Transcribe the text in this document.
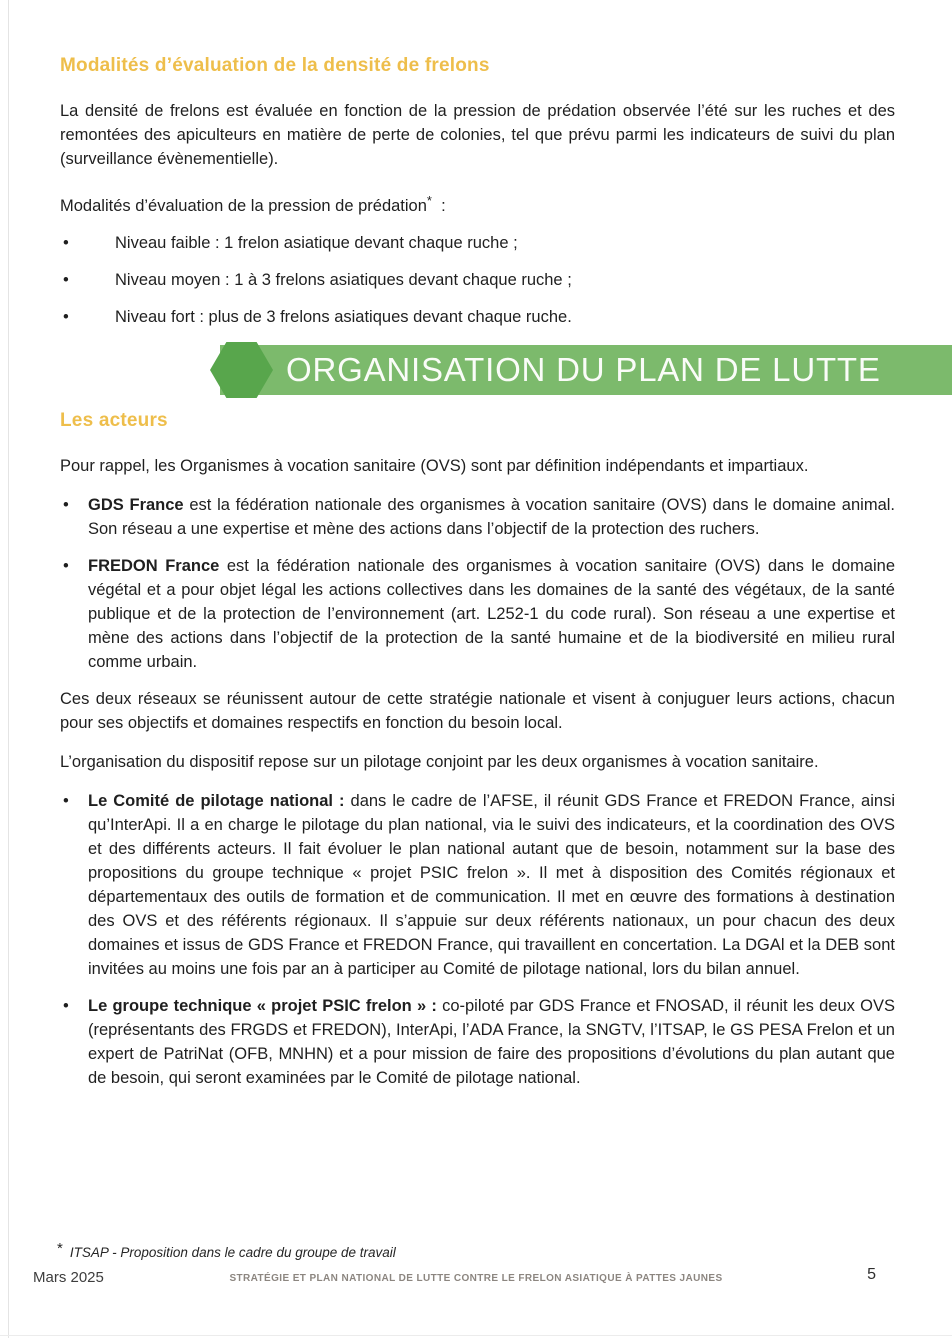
Modalités d’évaluation de la densité de frelons

La densité de frelons est évaluée en fonction de la pression de prédation observée l’été sur les ruches et des remontées des apiculteurs en matière de perte de colonies, tel que prévu parmi les indicateurs de suivi du plan (surveillance évènementielle).

Modalités d’évaluation de la pression de prédation*  :

• Niveau faible : 1 frelon asiatique devant chaque ruche ;
• Niveau moyen : 1 à 3 frelons asiatiques devant chaque ruche ;
• Niveau fort : plus de 3 frelons asiatiques devant chaque ruche.
ORGANISATION DU PLAN DE LUTTE
Les acteurs

Pour rappel, les Organismes à vocation sanitaire (OVS) sont par définition indépendants et impartiaux.

• GDS France est la fédération nationale des organismes à vocation sanitaire (OVS) dans le domaine animal. Son réseau a une expertise et mène des actions dans l’objectif de la protection des ruchers.
• FREDON France est la fédération nationale des organismes à vocation sanitaire (OVS) dans le domaine végétal et a pour objet légal les actions collectives dans les domaines de la santé des végétaux, de la santé publique et de la protection de l’environnement (art. L252-1 du code rural). Son réseau a une expertise et mène des actions dans l’objectif de la protection de la santé humaine et de la biodiversité en milieu rural comme urbain.

Ces deux réseaux se réunissent autour de cette stratégie nationale et visent à conjuguer leurs actions, chacun pour ses objectifs et domaines respectifs en fonction du besoin local.

L’organisation du dispositif repose sur un pilotage conjoint par les deux organismes à vocation sanitaire.

• Le Comité de pilotage national : dans le cadre de l’AFSE, il réunit GDS France et FREDON France, ainsi qu’InterApi. Il a en charge le pilotage du plan national, via le suivi des indicateurs, et la coordination des OVS et des différents acteurs. Il fait évoluer le plan national autant que de besoin, notamment sur la base des propositions du groupe technique « projet PSIC frelon ». Il met à disposition des Comités régionaux et départementaux des outils de formation et de communication. Il met en œuvre des formations à destination des OVS et des référents régionaux. Il s’appuie sur deux référents nationaux, un pour chacun des deux domaines et issus de GDS France et FREDON France, qui travaillent en concertation. La DGAl et la DEB sont invitées au moins une fois par an à participer au Comité de pilotage national, lors du bilan annuel.
• Le groupe technique « projet PSIC frelon » : co-piloté par GDS France et FNOSAD, il réunit les deux OVS (représentants des FRGDS et FREDON), InterApi, l’ADA France, la SNGTV, l’ITSAP, le GS PESA Frelon et un expert de PatriNat (OFB, MNHN) et a pour mission de faire des propositions d’évolutions du plan autant que de besoin, qui seront examinées par le Comité de pilotage national.
* ITSAP - Proposition dans le cadre du groupe de travail
Mars 2025	STRATÉGIE ET PLAN NATIONAL DE LUTTE CONTRE LE FRELON ASIATIQUE À PATTES JAUNES	5
